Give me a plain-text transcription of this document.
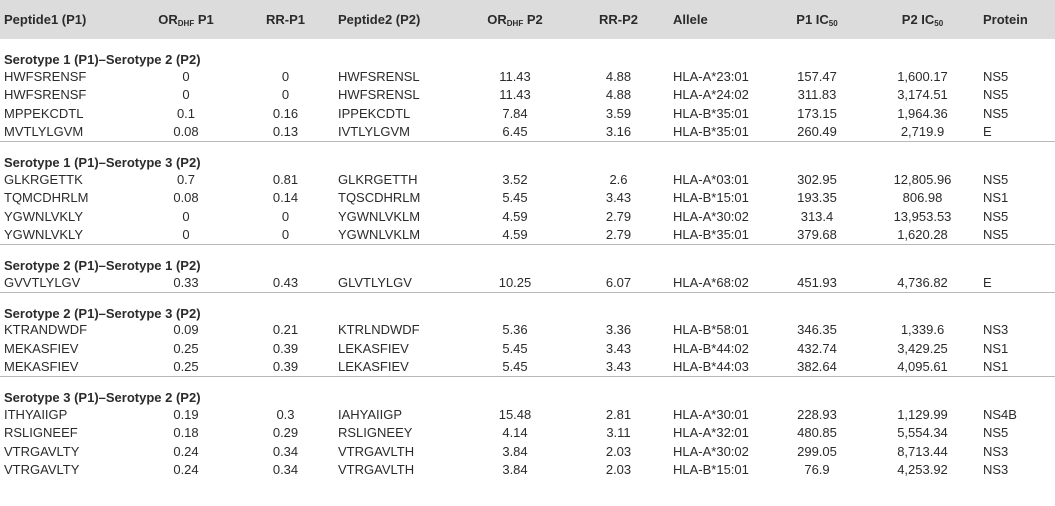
Peptide1 (P1)	$OR_{DHF}$ P1	RR-P1	Peptide2 (P2)	$OR_{DHF}$ P2	RR-P2	Allele	P1 $IC_{50}$	P2 $IC_{50}$	Protein
Serotype 1 (P1)–Serotype 2 (P2)									
HWFSRENSF	0	0	HWFSRENSL	11.43	4.88	HLA-A*23:01	157.47	1,600.17	NS5
HWFSRENSF	0	0	HWFSRENSL	11.43	4.88	HLA-A*24:02	311.83	3,174.51	NS5
MPPEKCDTL	0.1	0.16	IPPEKCDTL	7.84	3.59	HLA-B*35:01	173.15	1,964.36	NS5
MVTLYLGVM	0.08	0.13	IVTLYLGVM	6.45	3.16	HLA-B*35:01	260.49	2,719.9	E
Serotype 1 (P1)–Serotype 3 (P2)									
GLKRGETTK	0.7	0.81	GLKRGETTH	3.52	2.6	HLA-A*03:01	302.95	12,805.96	NS5
TQMCDHRLM	0.08	0.14	TQSCDHRLM	5.45	3.43	HLA-B*15:01	193.35	806.98	NS1
YGWNLVKLY	0	0	YGWNLVKLM	4.59	2.79	HLA-A*30:02	313.4	13,953.53	NS5
YGWNLVKLY	0	0	YGWNLVKLM	4.59	2.79	HLA-B*35:01	379.68	1,620.28	NS5
Serotype 2 (P1)–Serotype 1 (P2)									
GVVTLYLGV	0.33	0.43	GLVTLYLGV	10.25	6.07	HLA-A*68:02	451.93	4,736.82	E
Serotype 2 (P1)–Serotype 3 (P2)									
KTRANDWDF	0.09	0.21	KTRLNDWDF	5.36	3.36	HLA-B*58:01	346.35	1,339.6	NS3
MEKASFIEV	0.25	0.39	LEKASFIEV	5.45	3.43	HLA-B*44:02	432.74	3,429.25	NS1
MEKASFIEV	0.25	0.39	LEKASFIEV	5.45	3.43	HLA-B*44:03	382.64	4,095.61	NS1
Serotype 3 (P1)–Serotype 2 (P2)									
ITHYAIIGP	0.19	0.3	IAHYAIIGP	15.48	2.81	HLA-A*30:01	228.93	1,129.99	NS4B
RSLIGNEEF	0.18	0.29	RSLIGNEEY	4.14	3.11	HLA-A*32:01	480.85	5,554.34	NS5
VTRGAVLTY	0.24	0.34	VTRGAVLTH	3.84	2.03	HLA-A*30:02	299.05	8,713.44	NS3
VTRGAVLTY	0.24	0.34	VTRGAVLTH	3.84	2.03	HLA-B*15:01	76.9	4,253.92	NS3
